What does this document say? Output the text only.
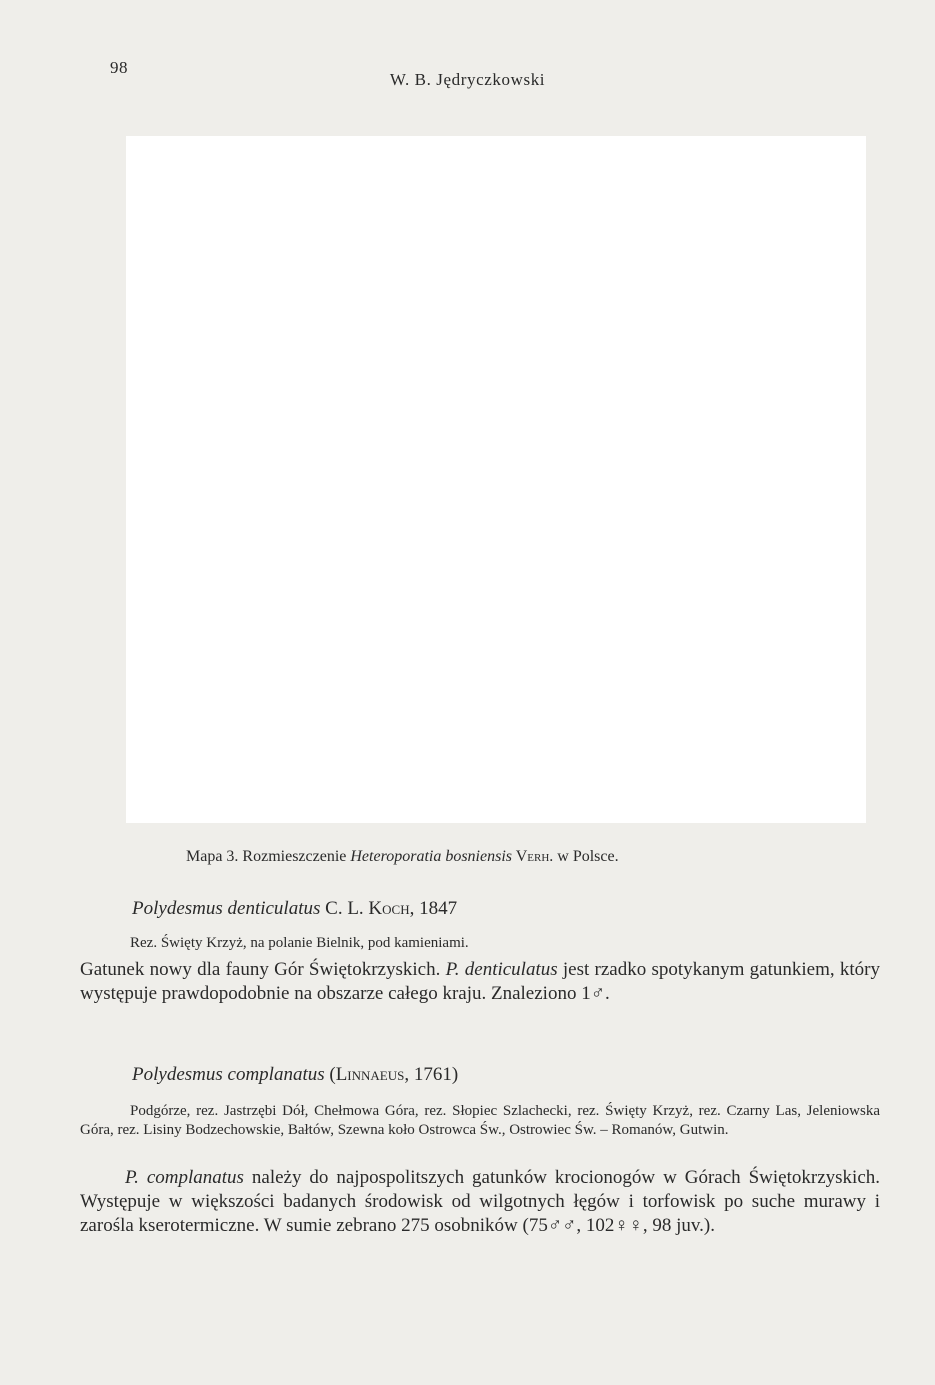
98
W. B. Jędryczkowski
Mapa 3. Rozmieszczenie Heteroporatia bosniensis Verh. w Polsce.
Polydesmus denticulatus C. L. Koch, 1847
Rez. Święty Krzyż, na polanie Bielnik, pod kamieniami.
Gatunek nowy dla fauny Gór Świętokrzyskich. P. denticulatus jest rzadko spotykanym gatunkiem, który występuje prawdopodobnie na obszarze całego kraju. Znaleziono 1♂.
Polydesmus complanatus (Linnaeus, 1761)
Podgórze, rez. Jastrzębi Dół, Chełmowa Góra, rez. Słopiec Szlachecki, rez. Święty Krzyż, rez. Czarny Las, Jeleniowska Góra, rez. Lisiny Bodzechowskie, Bałtów, Szewna koło Ostrowca Św., Ostrowiec Św. – Romanów, Gutwin.
P. complanatus należy do najpospolitszych gatunków krocionogów w Górach Świętokrzyskich. Występuje w większości badanych środowisk od wilgotnych łęgów i torfowisk po suche murawy i zarośla kserotermiczne. W sumie zebrano 275 osobników (75♂♂, 102♀♀, 98 juv.).
